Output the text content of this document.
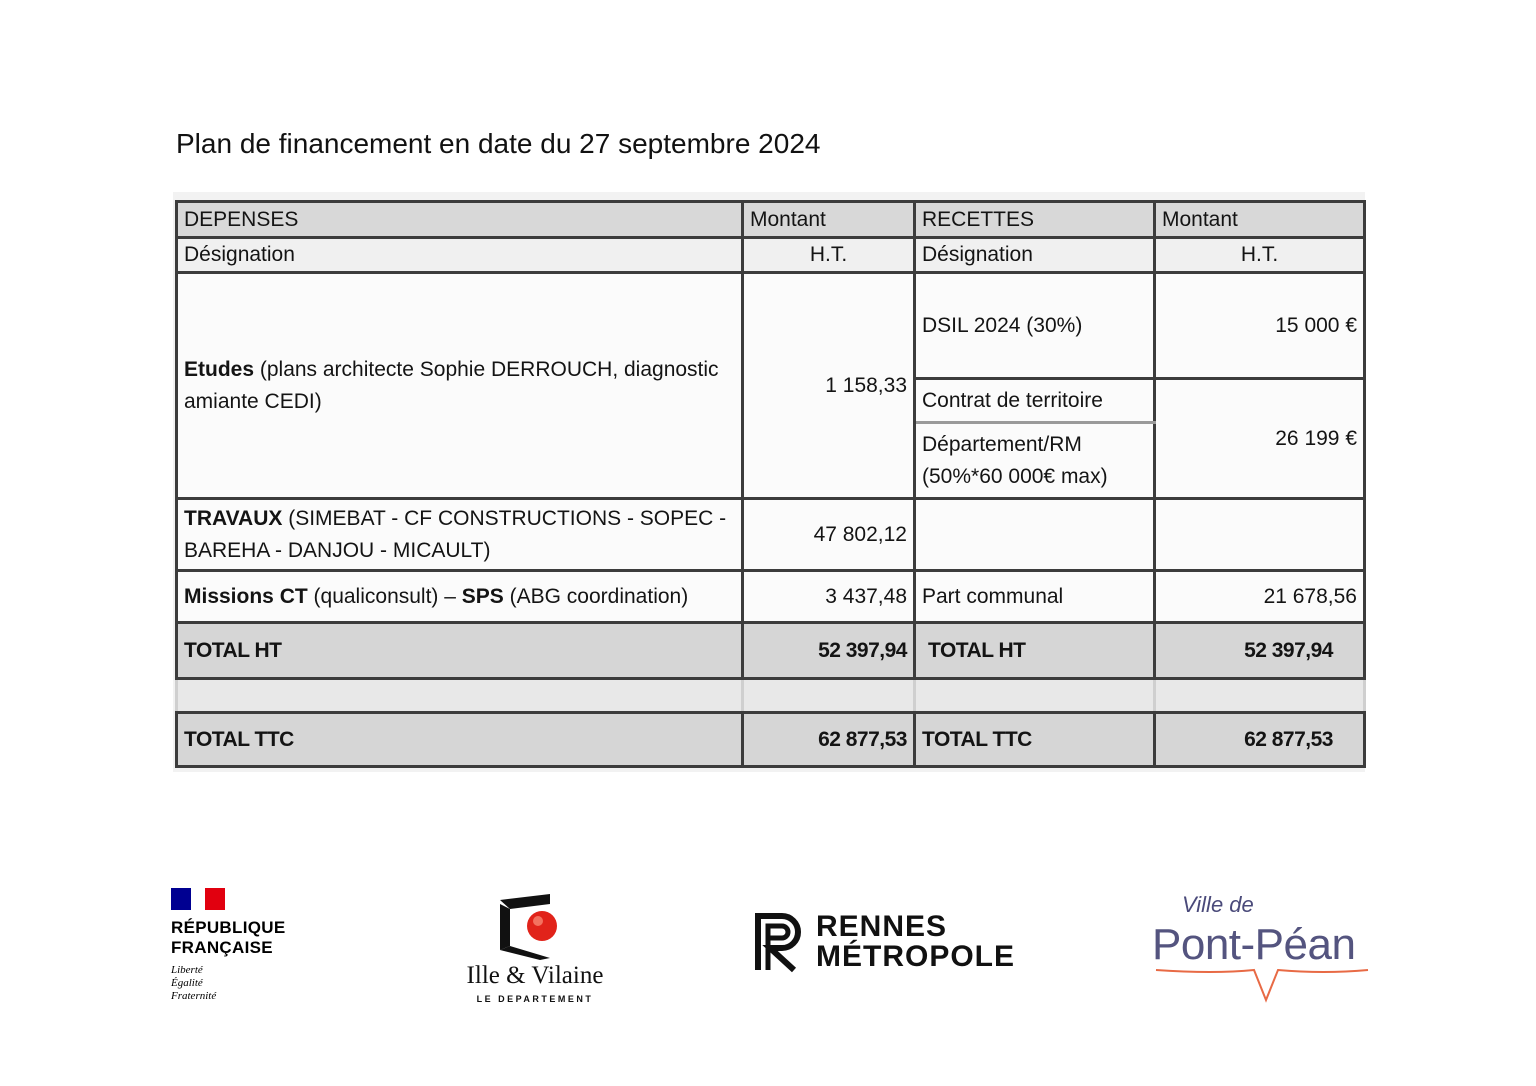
Plan de financement en date du 27 septembre 2024
DEPENSES	Montant	RECETTES	Montant
Désignation	H.T.	Désignation	H.T.
Etudes (plans architecte Sophie DERROUCH, diagnostic amiante CEDI)	1 158,33	DSIL 2024 (30%)	15 000 €
		Contrat de territoire	26 199 €
		Département/RM (50%*60 000€ max)	
TRAVAUX (SIMEBAT - CF CONSTRUCTIONS - SOPEC - BAREHA - DANJOU - MICAULT)	47 802,12		
Missions CT (qualiconsult) – SPS (ABG coordination)	3 437,48	Part communal	21 678,56
TOTAL HT	52 397,94	TOTAL HT	52 397,94

TOTAL TTC	62 877,53	TOTAL TTC	62 877,53
RÉPUBLIQUE FRANÇAISE
Liberté
Égalité
Fraternité
Ille & Vilaine
LE DEPARTEMENT
RENNES
MÉTROPOLE
Ville de
Pont-Péan
